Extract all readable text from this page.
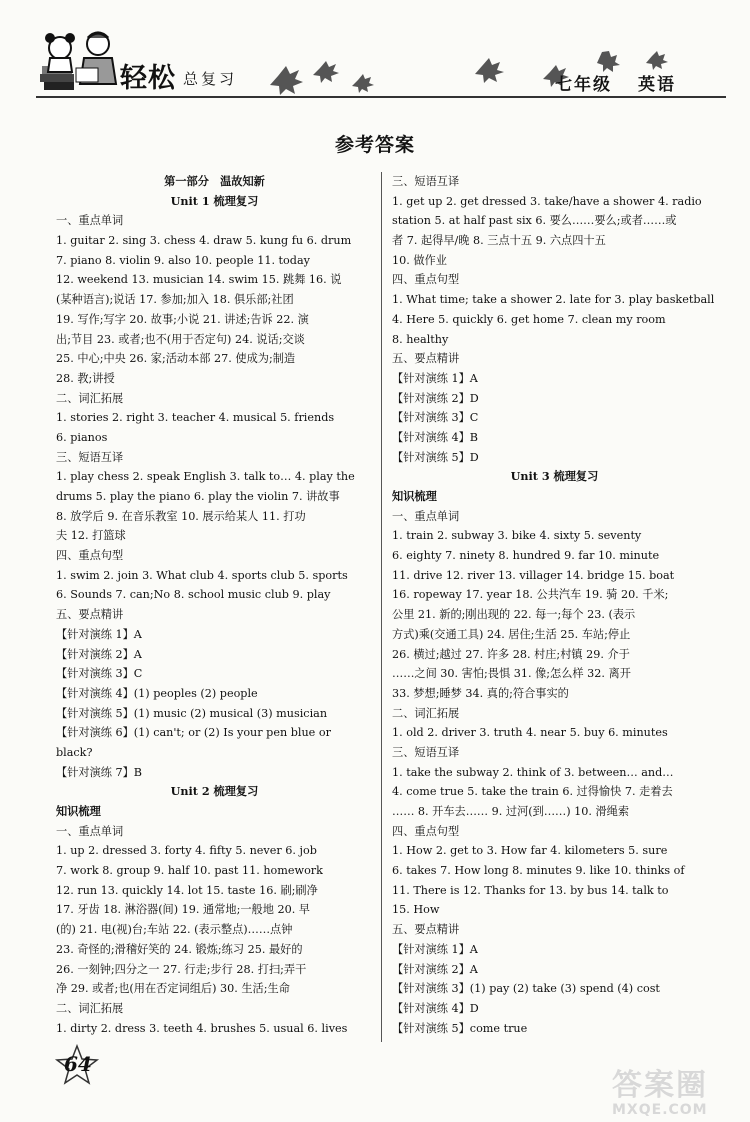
轻松 总复习	七年级 英语
参考答案
第一部分　温故知新
Unit 1 梳理复习
一、重点单词
1. guitar 2. sing 3. chess 4. draw 5. kung fu 6. drum
7. piano 8. violin 9. also 10. people 11. today
12. weekend 13. musician 14. swim 15. 跳舞 16. 说
(某种语言);说话 17. 参加;加入 18. 俱乐部;社团
19. 写作;写字 20. 故事;小说 21. 讲述;告诉 22. 演
出;节目 23. 或者;也不(用于否定句) 24. 说话;交谈
25. 中心;中央 26. 家;活动本部 27. 使成为;制造
28. 教;讲授
二、词汇拓展
1. stories 2. right 3. teacher 4. musical 5. friends
6. pianos
三、短语互译
1. play chess 2. speak English 3. talk to… 4. play the
drums 5. play the piano 6. play the violin 7. 讲故事
8. 放学后 9. 在音乐教室 10. 展示给某人 11. 打功
夫 12. 打篮球
四、重点句型
1. swim 2. join 3. What club 4. sports club 5. sports
6. Sounds 7. can;No 8. school music club 9. play
五、要点精讲
【针对演练 1】A
【针对演练 2】A
【针对演练 3】C
【针对演练 4】(1) peoples (2) people
【针对演练 5】(1) music (2) musical (3) musician
【针对演练 6】(1) can't; or (2) Is your pen blue or
black?
【针对演练 7】B
Unit 2 梳理复习
知识梳理
一、重点单词
1. up 2. dressed 3. forty 4. fifty 5. never 6. job
7. work 8. group 9. half 10. past 11. homework
12. run 13. quickly 14. lot 15. taste 16. 刷;刷净
17. 牙齿 18. 淋浴器(间) 19. 通常地;一般地 20. 早
(的) 21. 电(视)台;车站 22. (表示整点)……点钟
23. 奇怪的;滑稽好笑的 24. 锻炼;练习 25. 最好的
26. 一刻钟;四分之一 27. 行走;步行 28. 打扫;弄干
净 29. 或者;也(用在否定词组后) 30. 生活;生命
二、词汇拓展
1. dirty 2. dress 3. teeth 4. brushes 5. usual 6. lives
三、短语互译
1. get up 2. get dressed 3. take/have a shower 4. radio
station 5. at half past six 6. 要么……要么;或者……或
者 7. 起得早/晚 8. 三点十五 9. 六点四十五
10. 做作业
四、重点句型
1. What time; take a shower 2. late for 3. play basketball
4. Here 5. quickly 6. get home 7. clean my room
8. healthy
五、要点精讲
【针对演练 1】A
【针对演练 2】D
【针对演练 3】C
【针对演练 4】B
【针对演练 5】D
Unit 3 梳理复习
知识梳理
一、重点单词
1. train 2. subway 3. bike 4. sixty 5. seventy
6. eighty 7. ninety 8. hundred 9. far 10. minute
11. drive 12. river 13. villager 14. bridge 15. boat
16. ropeway 17. year 18. 公共汽车 19. 骑 20. 千米;
公里 21. 新的;刚出现的 22. 每一;每个 23. (表示
方式)乘(交通工具) 24. 居住;生活 25. 车站;停止
26. 横过;越过 27. 许多 28. 村庄;村镇 29. 介于
……之间 30. 害怕;畏惧 31. 像;怎么样 32. 离开
33. 梦想;睡梦 34. 真的;符合事实的
二、词汇拓展
1. old 2. driver 3. truth 4. near 5. buy 6. minutes
三、短语互译
1. take the subway 2. think of 3. between… and…
4. come true 5. take the train 6. 过得愉快 7. 走着去
…… 8. 开车去…… 9. 过河(到……) 10. 滑绳索
四、重点句型
1. How 2. get to 3. How far 4. kilometers 5. sure
6. takes 7. How long 8. minutes 9. like 10. thinks of
11. There is 12. Thanks for 13. by bus 14. talk to
15. How
五、要点精讲
【针对演练 1】A
【针对演练 2】A
【针对演练 3】(1) pay (2) take (3) spend (4) cost
【针对演练 4】D
【针对演练 5】come true
64
答案圈
MXQE.COM
